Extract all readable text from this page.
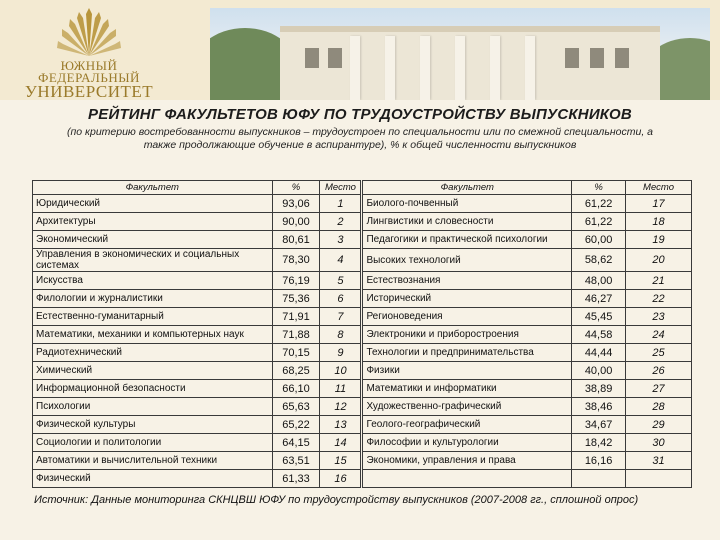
ЮЖНЫЙ
ФЕДЕРАЛЬНЫЙ
УНИВЕРСИТЕТ
РЕЙТИНГ ФАКУЛЬТЕТОВ ЮФУ ПО ТРУДОУСТРОЙСТВУ ВЫПУСКНИКОВ
(по критерию востребованности выпускников – трудоустроен по специальности или по смежной специальности, а также продолжающие обучение в аспирантуре), % к общей численности выпускников
Факультет	%	Место	Факультет	%	Место
Юридический	93,06	1	Биолого-почвенный	61,22	17
Архитектуры	90,00	2	Лингвистики и словесности	61,22	18
Экономический	80,61	3	Педагогики и практической психологии	60,00	19
Управления в экономических и социальных системах	78,30	4	Высоких технологий	58,62	20
Искусства	76,19	5	Естествознания	48,00	21
Филологии и журналистики	75,36	6	Исторический	46,27	22
Естественно-гуманитарный	71,91	7	Регионоведения	45,45	23
Математики, механики и компьютерных наук	71,88	8	Электроники и приборостроения	44,58	24
Радиотехнический	70,15	9	Технологии и предпринимательства	44,44	25
Химический	68,25	10	Физики	40,00	26
Информационной безопасности	66,10	11	Математики и информатики	38,89	27
Психологии	65,63	12	Художественно-графический	38,46	28
Физической культуры	65,22	13	Геолого-географический	34,67	29
Социологии и политологии	64,15	14	Философии и культурологии	18,42	30
Автоматики и вычислительной техники	63,51	15	Экономики, управления и права	16,16	31
Физический	61,33	16			
Источник: Данные мониторинга СКНЦВШ ЮФУ по трудоустройству выпускников (2007-2008 гг., сплошной опрос)
